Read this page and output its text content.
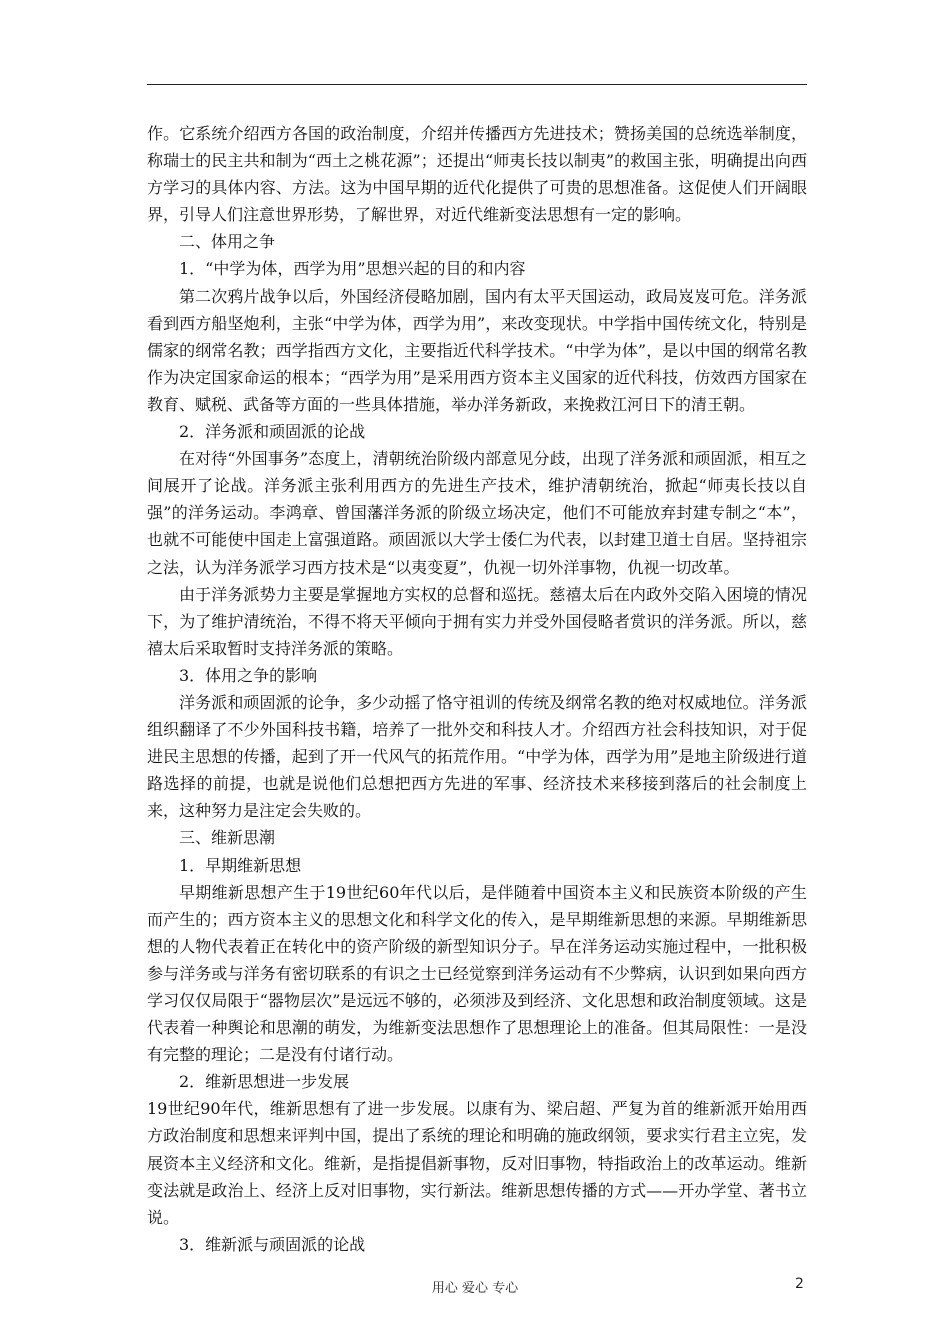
作。它系统介绍西方各国的政治制度，介绍并传播西方先进技术；赞扬美国的总统选举制度，称瑞士的民主共和制为“西土之桃花源”；还提出“师夷长技以制夷”的救国主张，明确提出向西方学习的具体内容、方法。这为中国早期的近代化提供了可贵的思想准备。这促使人们开阔眼界，引导人们注意世界形势，了解世界，对近代维新变法思想有一定的影响。

二、体用之争

1．“中学为体，西学为用”思想兴起的目的和内容

第二次鸦片战争以后，外国经济侵略加剧，国内有太平天国运动，政局岌岌可危。洋务派看到西方船坚炮利，主张“中学为体，西学为用”，来改变现状。中学指中国传统文化，特别是儒家的纲常名教；西学指西方文化，主要指近代科学技术。“中学为体”，是以中国的纲常名教作为决定国家命运的根本；“西学为用”是采用西方资本主义国家的近代科技，仿效西方国家在教育、赋税、武备等方面的一些具体措施，举办洋务新政，来挽救江河日下的清王朝。

2．洋务派和顽固派的论战

在对待“外国事务”态度上，清朝统治阶级内部意见分歧，出现了洋务派和顽固派，相互之间展开了论战。洋务派主张利用西方的先进生产技术，维护清朝统治，掀起“师夷长技以自强”的洋务运动。李鸿章、曾国藩洋务派的阶级立场决定，他们不可能放弃封建专制之“本”，也就不可能使中国走上富强道路。顽固派以大学士倭仁为代表，以封建卫道士自居。坚持祖宗之法，认为洋务派学习西方技术是“以夷变夏”，仇视一切外洋事物，仇视一切改革。

由于洋务派势力主要是掌握地方实权的总督和巡抚。慈禧太后在内政外交陷入困境的情况下，为了维护清统治，不得不将天平倾向于拥有实力并受外国侵略者赏识的洋务派。所以，慈禧太后采取暂时支持洋务派的策略。

3．体用之争的影响

洋务派和顽固派的论争，多少动摇了恪守祖训的传统及纲常名教的绝对权威地位。洋务派组织翻译了不少外国科技书籍，培养了一批外交和科技人才。介绍西方社会科技知识，对于促进民主思想的传播，起到了开一代风气的拓荒作用。“中学为体，西学为用”是地主阶级进行道路选择的前提，也就是说他们总想把西方先进的军事、经济技术来移接到落后的社会制度上来，这种努力是注定会失败的。

三、维新思潮

1．早期维新思想

早期维新思想产生于19世纪60年代以后，是伴随着中国资本主义和民族资本阶级的产生而产生的；西方资本主义的思想文化和科学文化的传入，是早期维新思想的来源。早期维新思想的人物代表着正在转化中的资产阶级的新型知识分子。早在洋务运动实施过程中，一批积极参与洋务或与洋务有密切联系的有识之士已经觉察到洋务运动有不少弊病，认识到如果向西方学习仅仅局限于“器物层次”是远远不够的，必须涉及到经济、文化思想和政治制度领域。这是代表着一种舆论和思潮的萌发，为维新变法思想作了思想理论上的准备。但其局限性：一是没有完整的理论；二是没有付诸行动。

2．维新思想进一步发展

19世纪90年代，维新思想有了进一步发展。以康有为、梁启超、严复为首的维新派开始用西方政治制度和思想来评判中国，提出了系统的理论和明确的施政纲领，要求实行君主立宪，发展资本主义经济和文化。维新，是指提倡新事物，反对旧事物，特指政治上的改革运动。维新变法就是政治上、经济上反对旧事物，实行新法。维新思想传播的方式——开办学堂、著书立说。

3．维新派与顽固派的论战

用心 爱心 专心	2
